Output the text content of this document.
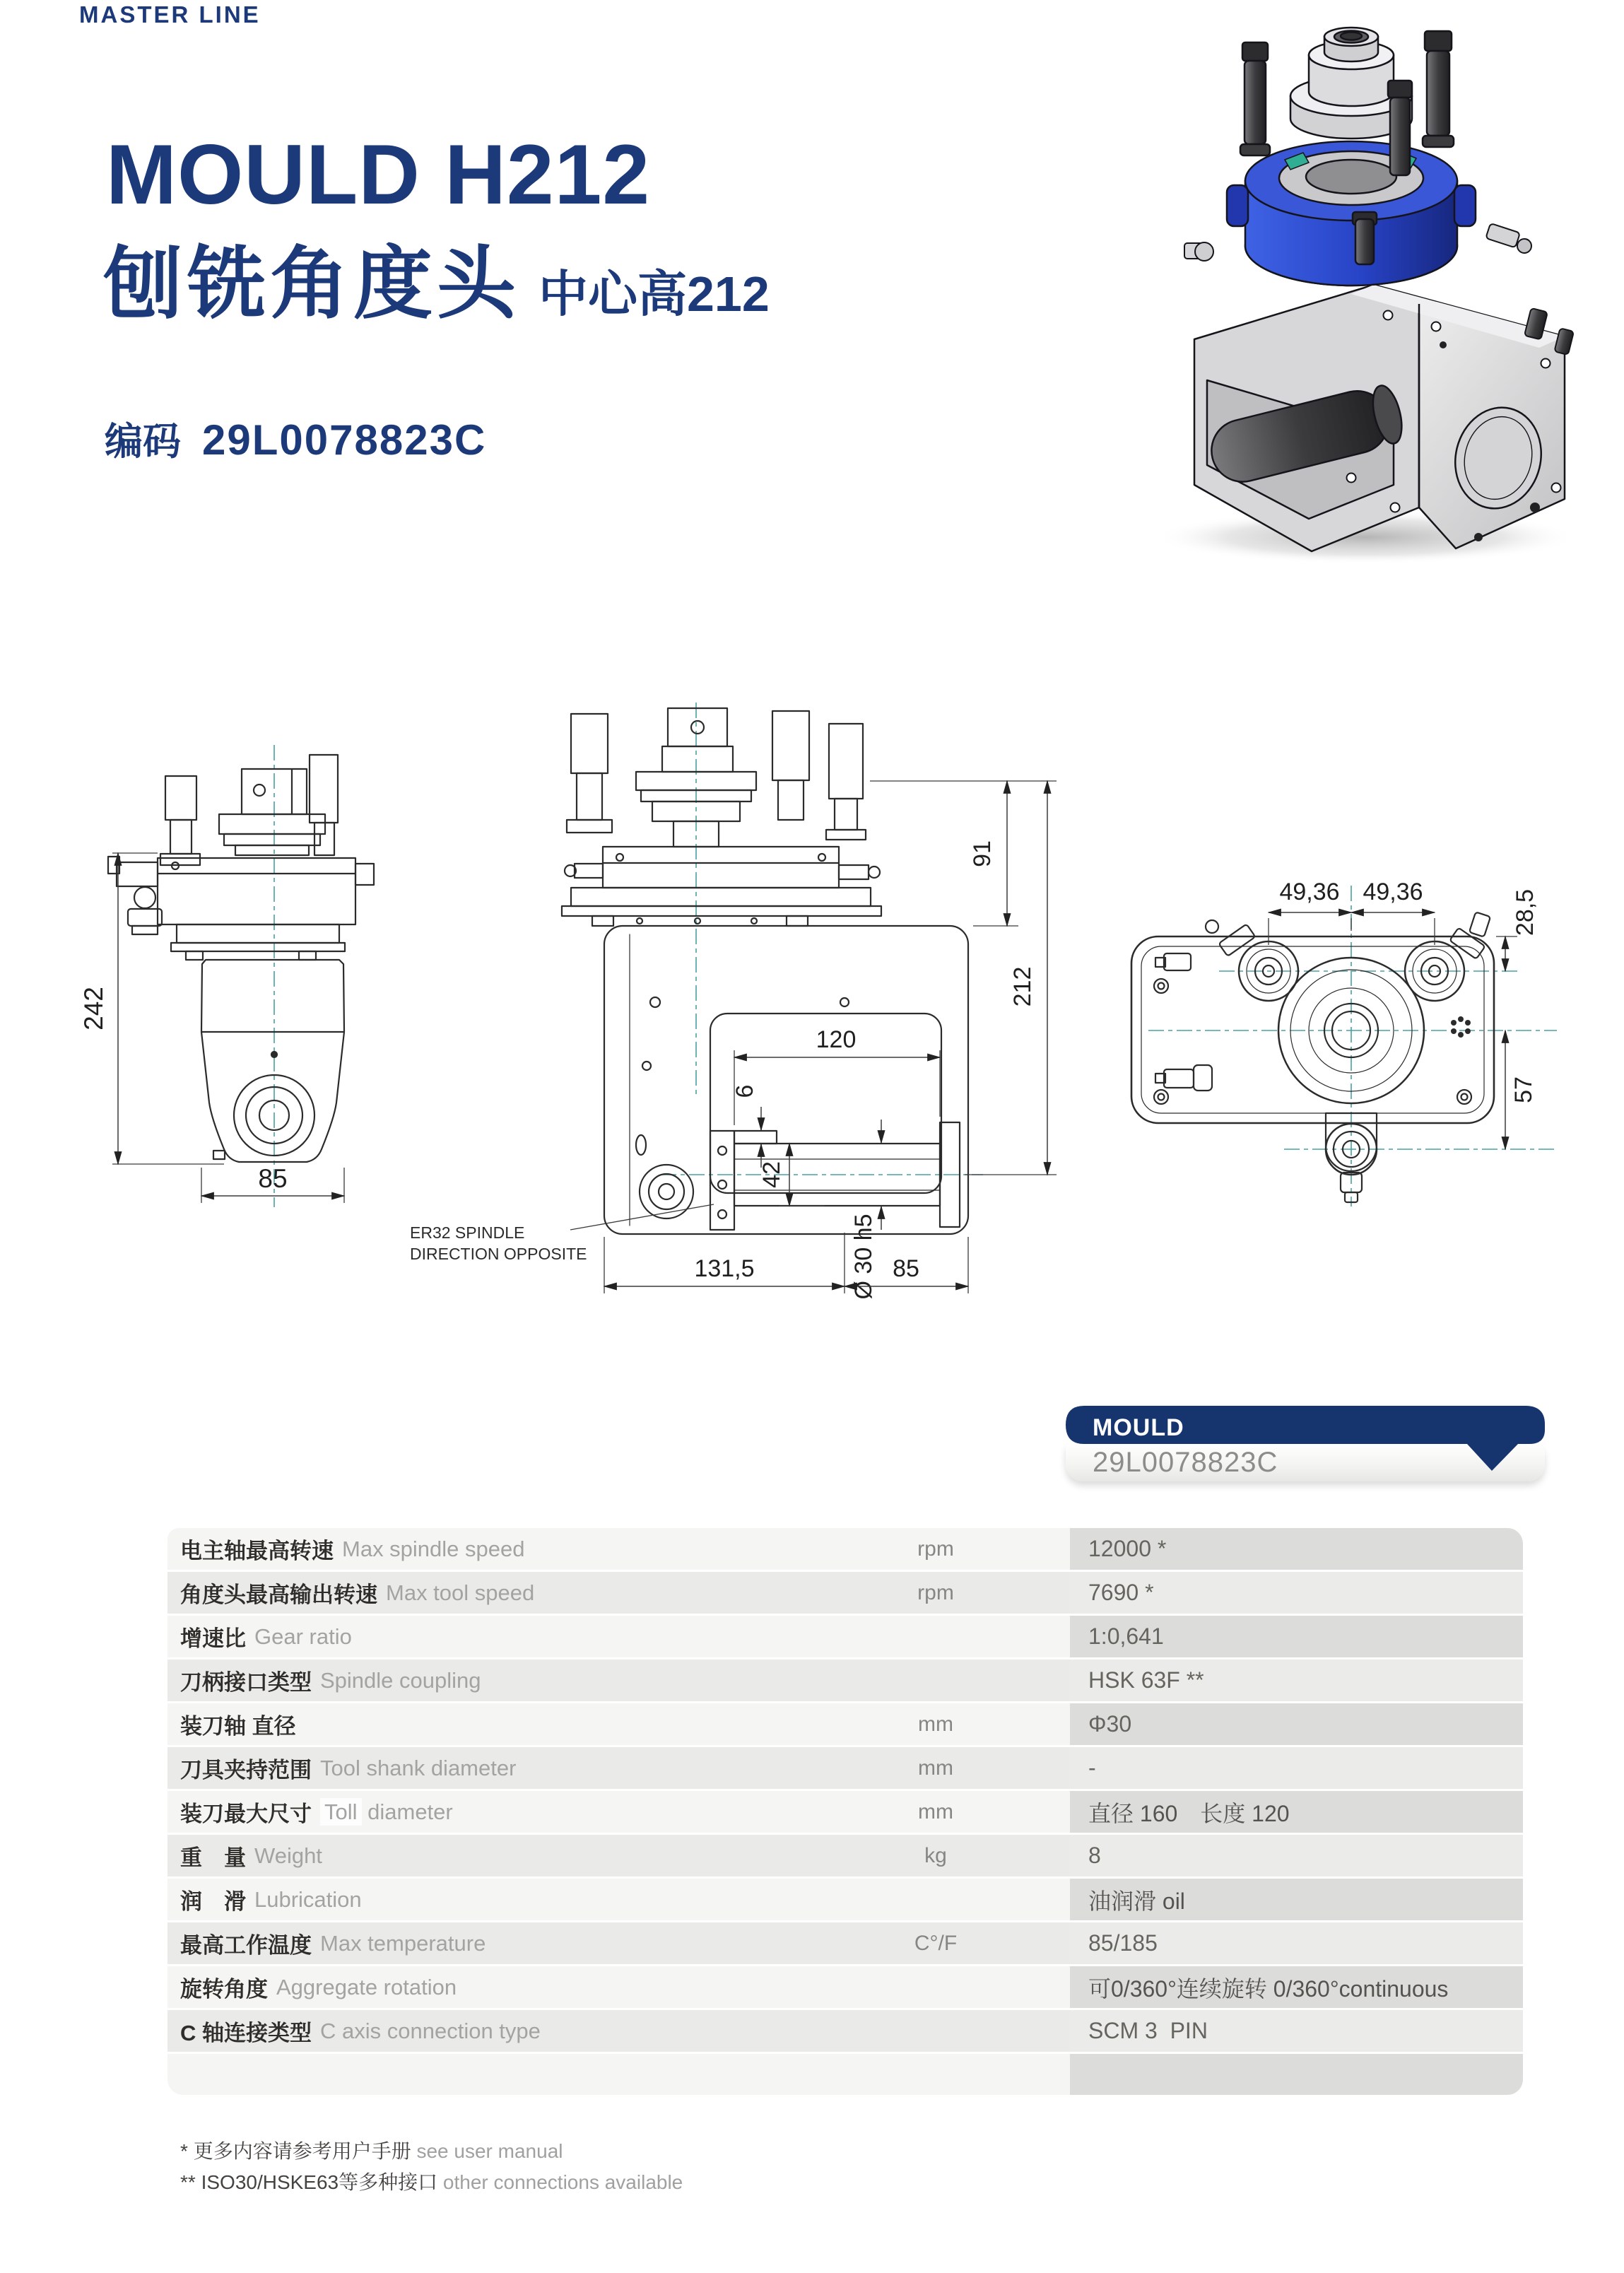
MASTER LINE
MOULD H212
刨铣角度头 中心高212
编码 29L0078823C
242
85
120
6
42
Ø 30 h5
91
212
131,5	85
ER32 SPINDLE
DIRECTION OPPOSITE
49,36 49,36	28,5
57
29L0078823C
MOULD
电主轴最高转速 Max spindle speed	rpm	12000 *
角度头最高输出转速 Max tool speed	rpm	7690 *
增速比 Gear ratio	1:0,641
刀柄接口类型 Spindle coupling	HSK 63F **
装刀轴 直径	mm	Φ30
刀具夹持范围 Tool shank diameter	mm	-
装刀最大尺寸 Toll diameter	mm	直径 160　长度 120
重　量 Weight	kg	8
润　滑 Lubrication	油润滑 oil
最高工作温度 Max temperature	C°/F	85/185
旋转角度 Aggregate rotation	可0/360°连续旋转 0/360°continuous
C 轴连接类型 C axis connection type	SCM 3  PIN
* 更多内容请参考用户手册 see user manual
** ISO30/HSKE63等多种接口 other connections available
